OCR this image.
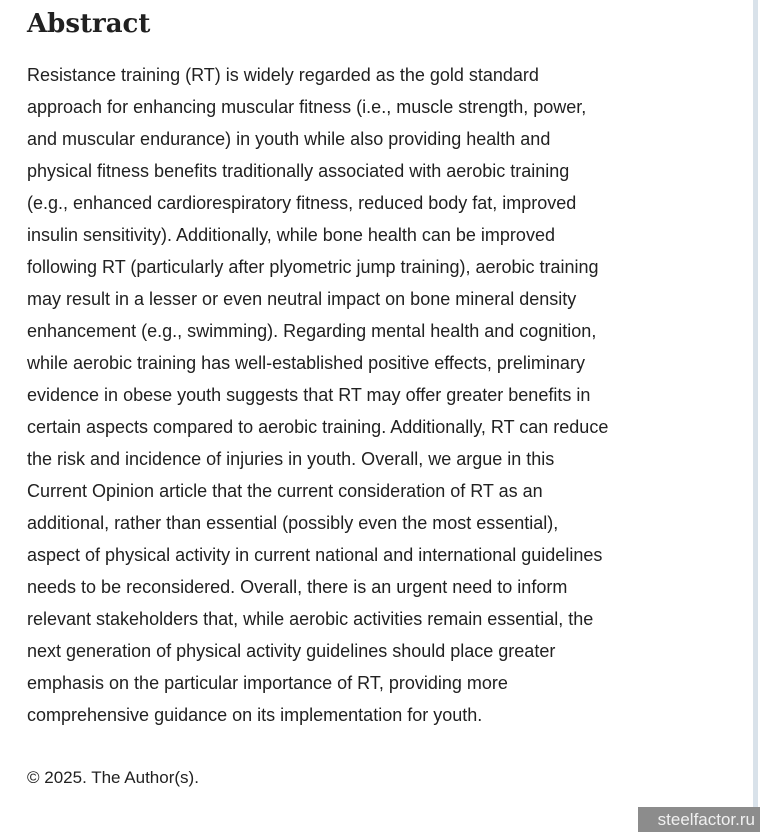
Abstract
Resistance training (RT) is widely regarded as the gold standard
approach for enhancing muscular fitness (i.e., muscle strength, power,
and muscular endurance) in youth while also providing health and
physical fitness benefits traditionally associated with aerobic training
(e.g., enhanced cardiorespiratory fitness, reduced body fat, improved
insulin sensitivity). Additionally, while bone health can be improved
following RT (particularly after plyometric jump training), aerobic training
may result in a lesser or even neutral impact on bone mineral density
enhancement (e.g., swimming). Regarding mental health and cognition,
while aerobic training has well-established positive effects, preliminary
evidence in obese youth suggests that RT may offer greater benefits in
certain aspects compared to aerobic training. Additionally, RT can reduce
the risk and incidence of injuries in youth. Overall, we argue in this
Current Opinion article that the current consideration of RT as an
additional, rather than essential (possibly even the most essential),
aspect of physical activity in current national and international guidelines
needs to be reconsidered. Overall, there is an urgent need to inform
relevant stakeholders that, while aerobic activities remain essential, the
next generation of physical activity guidelines should place greater
emphasis on the particular importance of RT, providing more
comprehensive guidance on its implementation for youth.

© 2025. The Author(s).

steelfactor.ru
